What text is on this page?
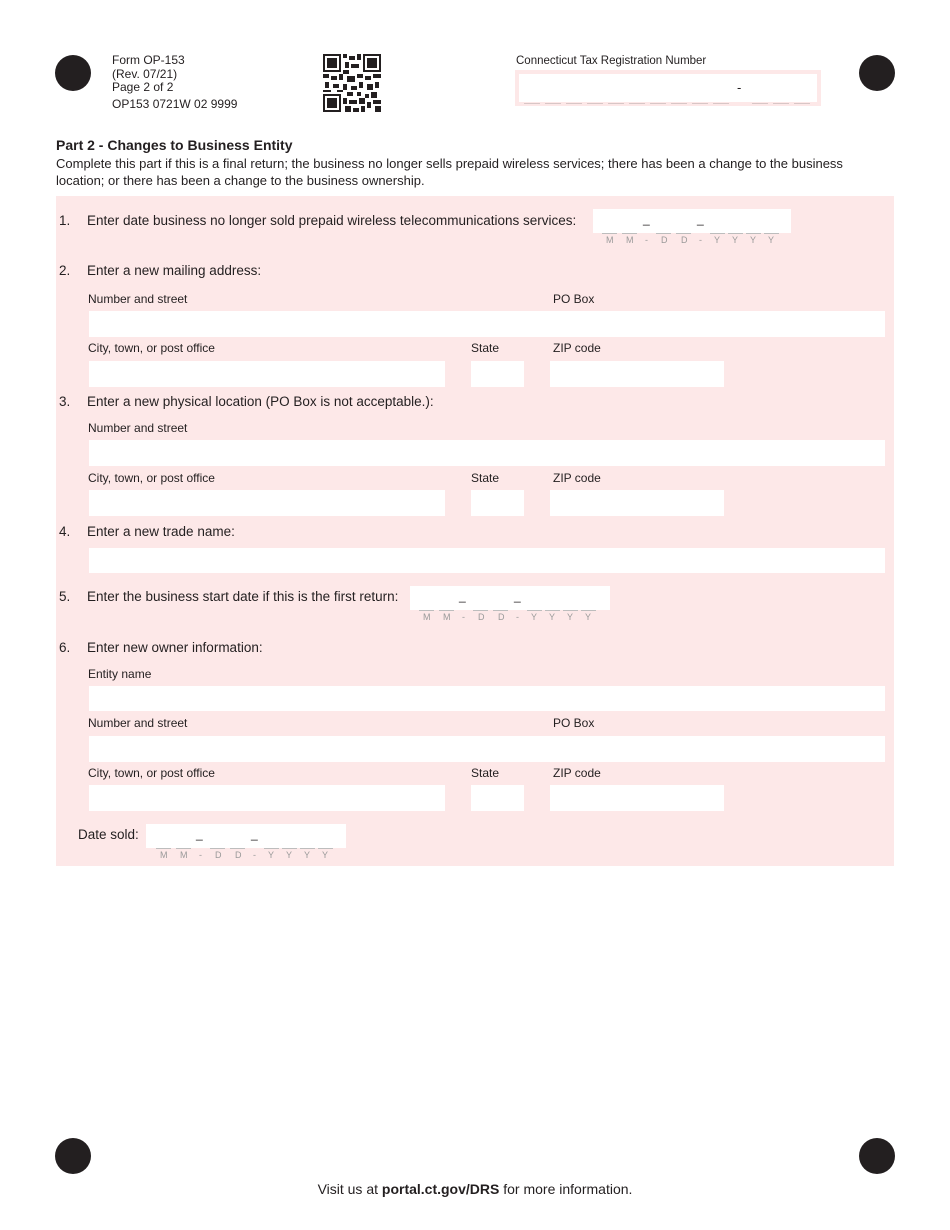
Form OP-153
(Rev. 07/21)
Page 2 of 2
OP153 0721W 02 9999
Connecticut Tax Registration Number
-
Part 2 - Changes to Business Entity
Complete this part if this is a final return; the business no longer sells prepaid wireless services; there has been a change to the business location; or there has been a change to the business ownership.
1. Enter date business no longer sold prepaid wireless telecommunications services:	_	_
M M - D D - Y Y Y Y
2. Enter a new mailing address:
Number and street	PO Box
City, town, or post office	State	ZIP code
3. Enter a new physical location (PO Box is not acceptable.):
Number and street
City, town, or post office	State	ZIP code
4. Enter a new trade name:
5. Enter the business start date if this is the first return:	_	_
M M - D D - Y Y Y Y
6. Enter new owner information:
Entity name
Number and street	PO Box
City, town, or post office	State	ZIP code
Date sold:	_	_
M M - D D - Y Y Y Y
Visit us at portal.ct.gov/DRS for more information.
